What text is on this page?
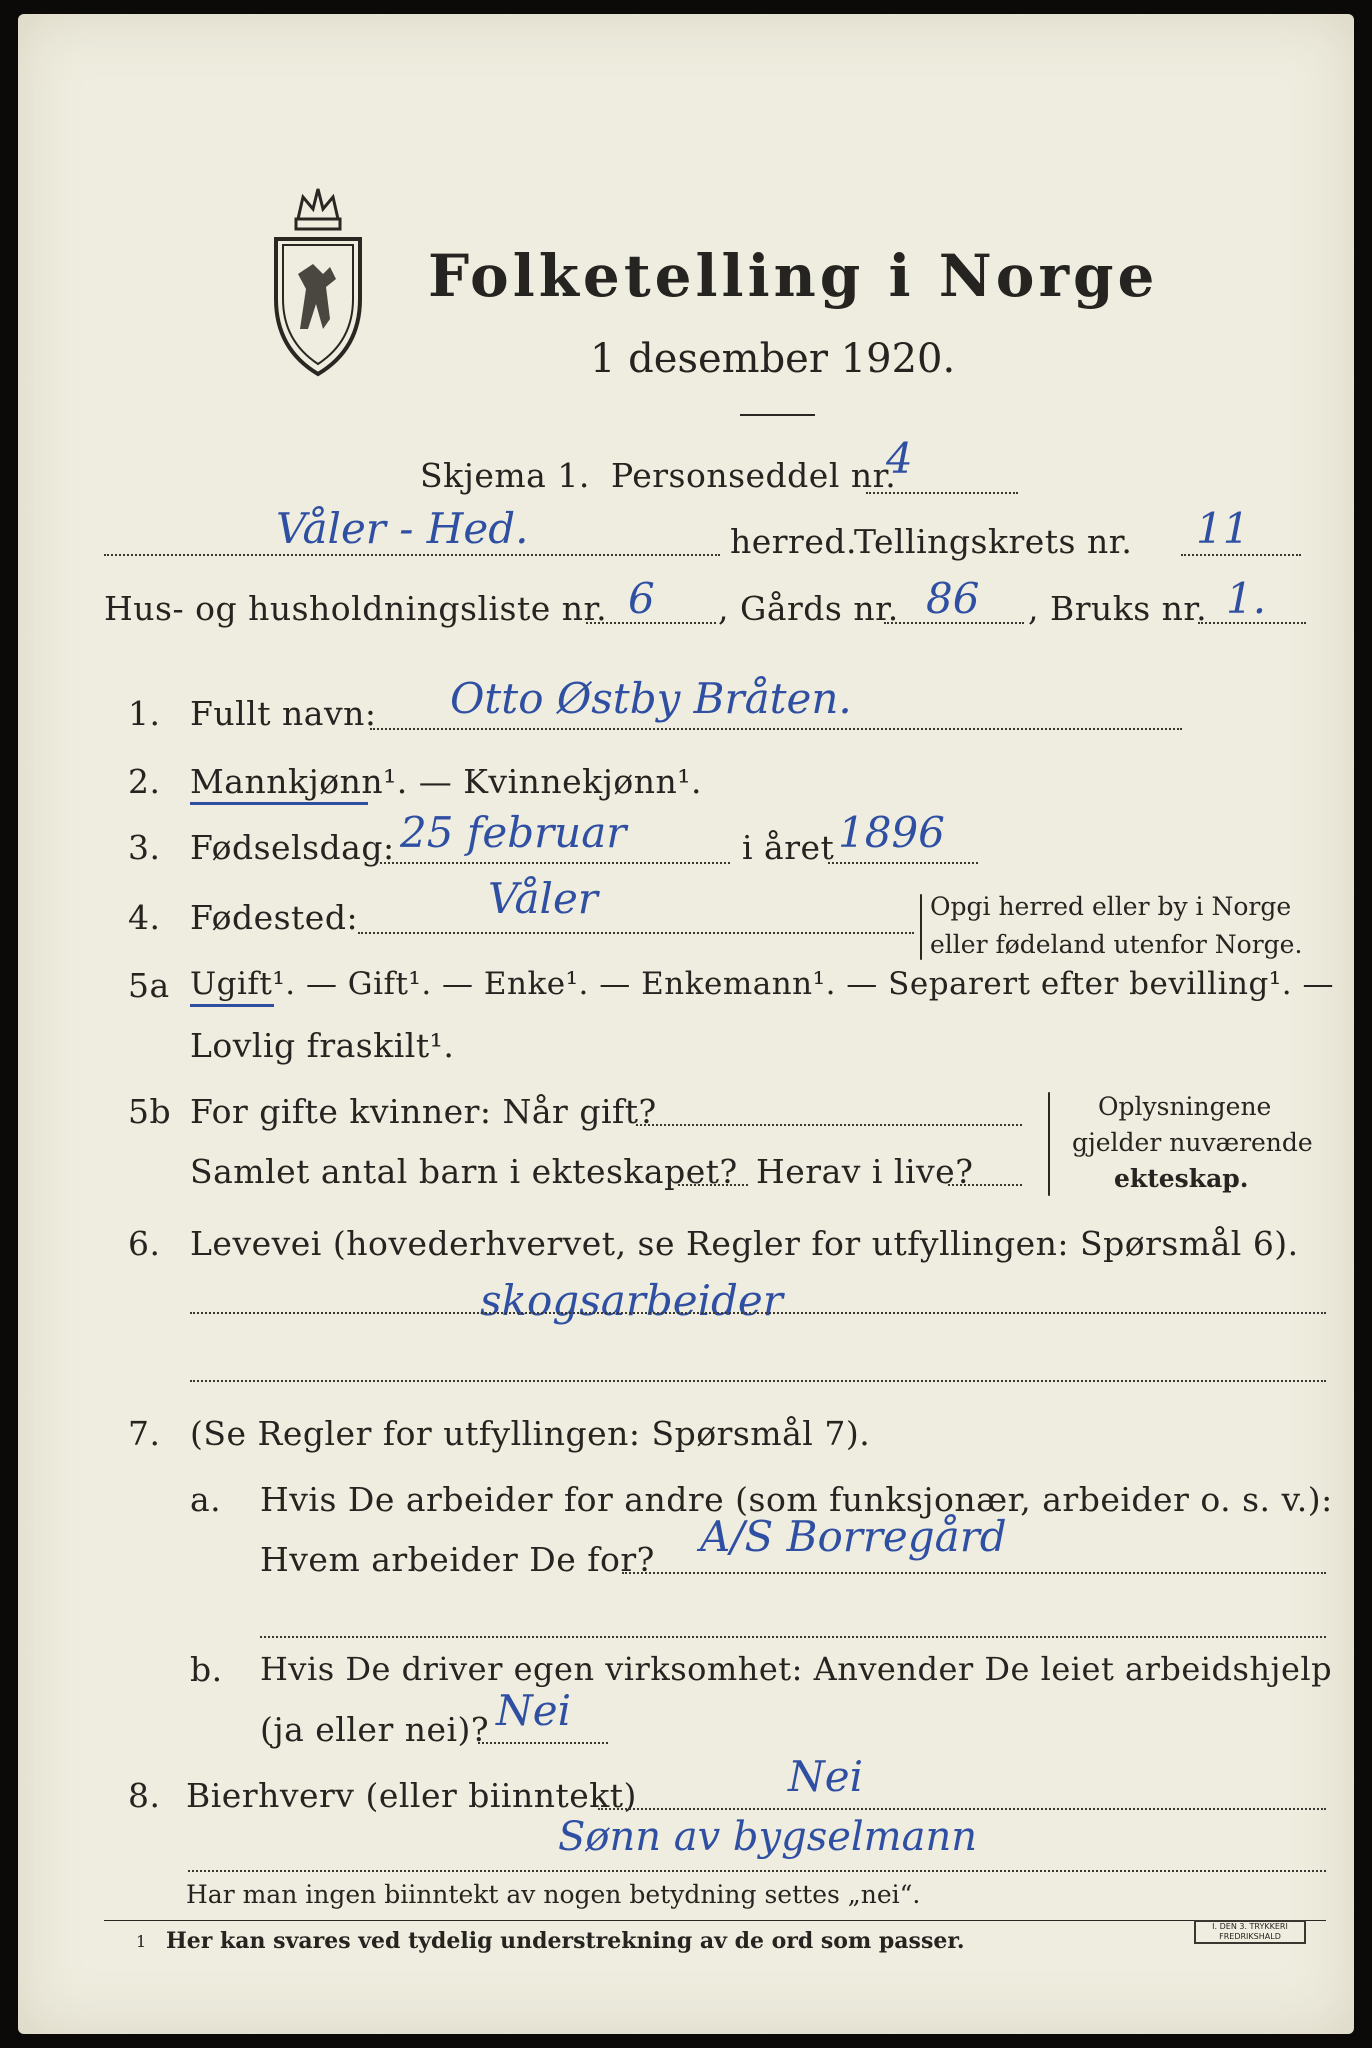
Folketelling i Norge
1 desember 1920.
Skjema 1. Personseddel nr.
4
Våler - Hed.	herred.
Tellingskrets nr. 11
Hus- og husholdningsliste nr. 6 , Gårds nr. 86 , Bruks nr. 1.
1. Fullt navn: Otto Østby Bråten.
2. Mannkjønn¹. — Kvinnekjønn¹.
3. Fødselsdag: 25 februar	i året 1896
4. Fødested:	Våler	Opgi herred eller by i Norge
eller fødeland utenfor Norge.
5a Ugift¹. — Gift¹. — Enke¹. — Enkemann¹. — Separert efter bevilling¹. —
Lovlig fraskilt¹.
5b For gifte kvinner: Når gift?
Samlet antal barn i ekteskapet? Herav i live?
Oplysningene
gjelder nuværende
ekteskap.
6. Levevei (hovederhvervet, se Regler for utfyllingen: Spørsmål 6).
skogsarbeider
7. (Se Regler for utfyllingen: Spørsmål 7).
a. Hvis De arbeider for andre (som funksjonær, arbeider o. s. v.):
Hvem arbeider De for? A/S Borregård
b. Hvis De driver egen virksomhet: Anvender De leiet arbeidshjelp
(ja eller nei)? Nei
8. Bierhverv (eller biinntekt)	Nei
Sønn av bygselmann
Har man ingen biinntekt av nogen betydning settes „nei“.
1 Her kan svares ved tydelig understrekning av de ord som passer.
I. DEN 3. TRYKKERI
FREDRIKSHALD
